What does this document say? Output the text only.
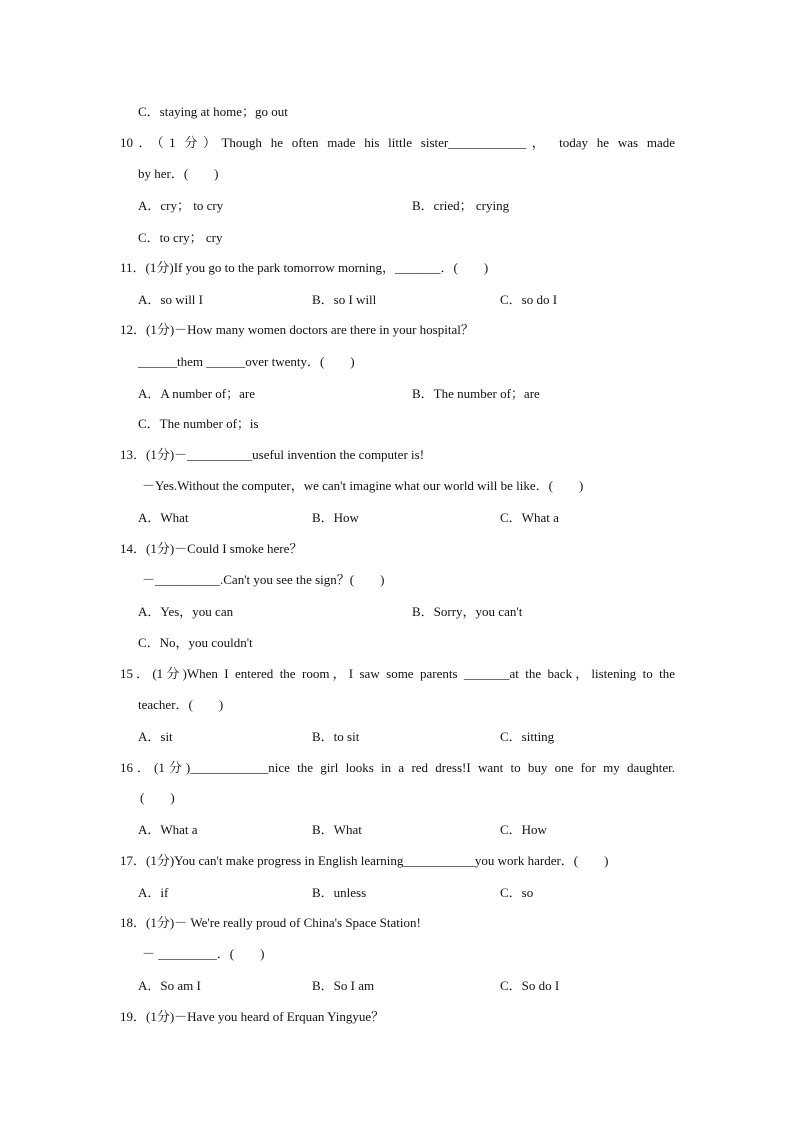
C．staying at home；go out
10．（1 分）Though he often made his little sister____________， today he was made
by her．(　　)
A．cry； to cry	B．cried； crying
C．to cry； cry
11．(1分)If you go to the park tomorrow morning，_______．(　　)
A．so will I	B．so I will	C．so do I
12．(1分)－How many women doctors are there in your hospital？
______them ______over twenty．(　　)
A．A number of；are	B．The number of；are
C．The number of；is
13．(1分)－__________useful invention the computer is!
－Yes.Without the computer，we can't imagine what our world will be like．(　　)
A．What	B．How	C．What a
14．(1分)－Could I smoke here？
－__________.Can't you see the sign？(　　)
A．Yes，you can	B．Sorry，you can't
C．No，you couldn't
15．(1分)When I entered the room，I saw some parents _______at the back，listening to the
teacher．(　　)
A．sit	B．to sit	C．sitting
16．(1分)____________nice the girl looks in a red dress!I want to buy one for my daughter.
(　　)
A．What a	B．What	C．How
17．(1分)You can't make progress in English learning___________you work harder．(　　)
A．if	B．unless	C．so
18．(1分)－ We're really proud of China's Space Station!
－ _________．(　　)
A．So am I	B．So I am	C．So do I
19．(1分)－Have you heard of Erquan Yingyue？
